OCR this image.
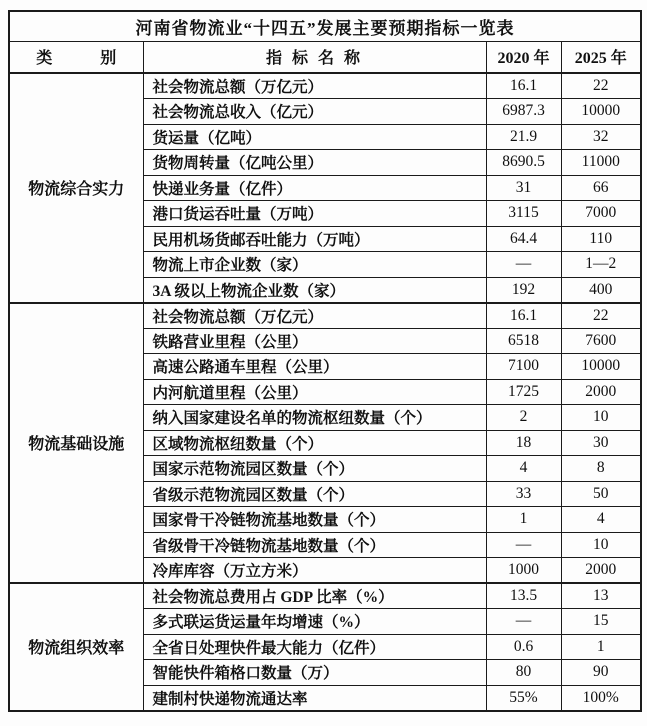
河南省物流业“十四五”发展主要预期指标一览表			
类　　　别	指 标 名 称	2020 年	2025 年
物流综合实力	社会物流总额（万亿元）	16.1	22
	社会物流总收入（亿元）	6987.3	10000
	货运量（亿吨）	21.9	32
	货物周转量（亿吨公里）	8690.5	11000
	快递业务量（亿件）	31	66
	港口货运吞吐量（万吨）	3115	7000
	民用机场货邮吞吐能力（万吨）	64.4	110
	物流上市企业数（家）	—	1—2
	3A 级以上物流企业数（家）	192	400
物流基础设施	社会物流总额（万亿元）	16.1	22
	铁路营业里程（公里）	6518	7600
	高速公路通车里程（公里）	7100	10000
	内河航道里程（公里）	1725	2000
	纳入国家建设名单的物流枢纽数量（个）	2	10
	区域物流枢纽数量（个）	18	30
	国家示范物流园区数量（个）	4	8
	省级示范物流园区数量（个）	33	50
	国家骨干冷链物流基地数量（个）	1	4
	省级骨干冷链物流基地数量（个）	—	10
	冷库库容（万立方米）	1000	2000
物流组织效率	社会物流总费用占 GDP 比率（%）	13.5	13
	多式联运货运量年均增速（%）	—	15
	全省日处理快件最大能力（亿件）	0.6	1
	智能快件箱格口数量（万）	80	90
	建制村快递物流通达率	55%	100%
